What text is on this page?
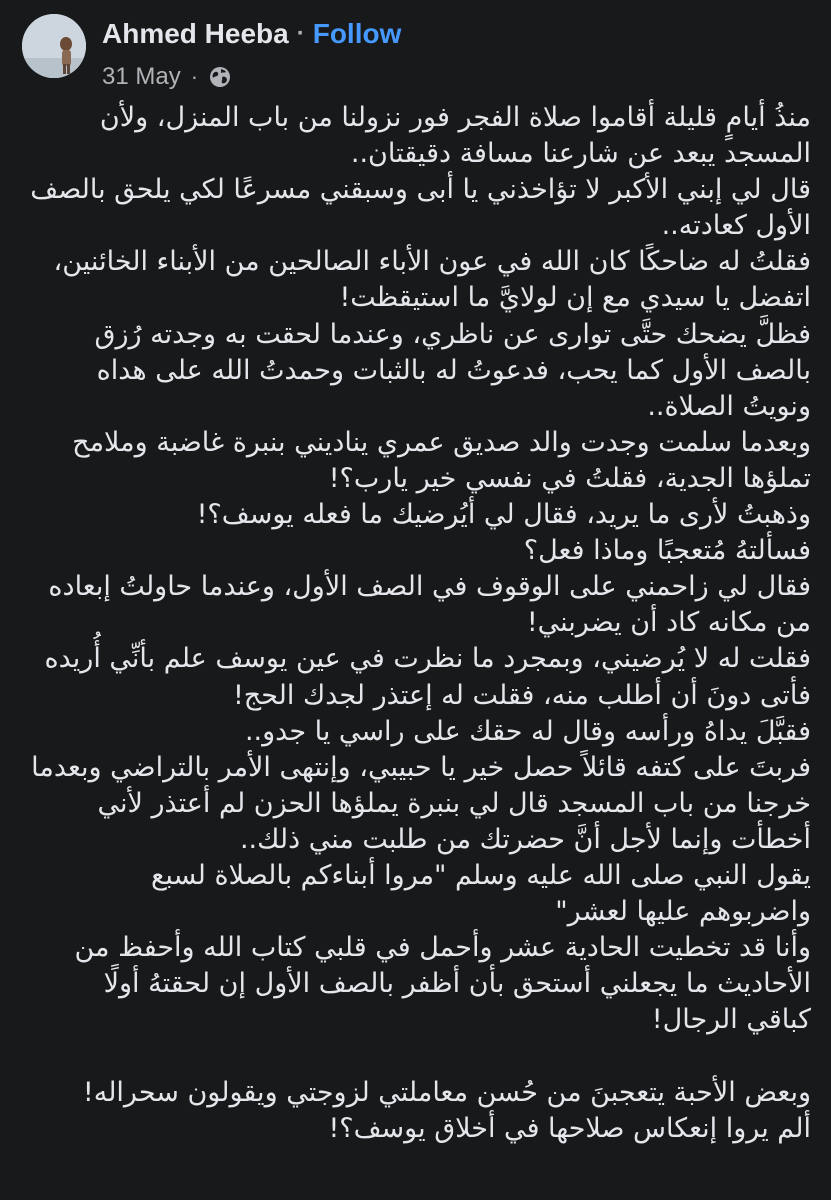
Ahmed Heeba · Follow
31 May ·
منذُ أيامٍ قليلة أقاموا صلاة الفجر فور نزولنا من باب المنزل، ولأن
المسجد يبعد عن شارعنا مسافة دقيقتان..
قال لي إبني الأكبر لا تؤاخذني يا أبى وسبقني مسرعًا لكي يلحق بالصف
الأول كعادته..
فقلتُ له ضاحكًا كان الله في عون الأباء الصالحين من الأبناء الخائنين،
اتفضل يا سيدي مع إن لولايَّ ما استيقظت!
فظلَّ يضحك حتَّى توارى عن ناظري، وعندما لحقت به وجدته رُزق
بالصف الأول كما يحب، فدعوتُ له بالثبات وحمدتُ الله على هداه
ونويتُ الصلاة..
وبعدما سلمت وجدت والد صديق عمري يناديني بنبرة غاضبة وملامح
تملؤها الجدية، فقلتُ في نفسي خير يارب؟!
وذهبتُ لأرى ما يريد، فقال لي أيُرضيك ما فعله يوسف؟!
فسألتهُ مُتعجبًا وماذا فعل؟
فقال لي زاحمني على الوقوف في الصف الأول، وعندما حاولتُ إبعاده
من مكانه كاد أن يضربني!
فقلت له لا يُرضيني، وبمجرد ما نظرت في عين يوسف علم بأنِّي أُريده
فأتى دونَ أن أطلب منه، فقلت له إعتذر لجدك الحج!
فقبَّلَ يداهُ ورأسه وقال له حقك على راسي يا جدو..
فربتَ على كتفه قائلاً حصل خير يا حبيبي، وإنتهى الأمر بالتراضي وبعدما
خرجنا من باب المسجد قال لي بنبرة يملؤها الحزن لم أعتذر لأني
أخطأت وإنما لأجل أنَّ حضرتك من طلبت مني ذلك..
يقول النبي صلى الله عليه وسلم "مروا أبناءكم بالصلاة لسبع
واضربوهم عليها لعشر"
وأنا قد تخطيت الحادية عشر وأحمل في قلبي كتاب الله وأحفظ من
الأحاديث ما يجعلني أستحق بأن أظفر بالصف الأول إن لحقتهُ أولًا
كباقي الرجال!
وبعض الأحبة يتعجبنَ من حُسن معاملتي لزوجتي ويقولون سحراله!
ألم يروا إنعكاس صلاحها في أخلاق يوسف؟!
